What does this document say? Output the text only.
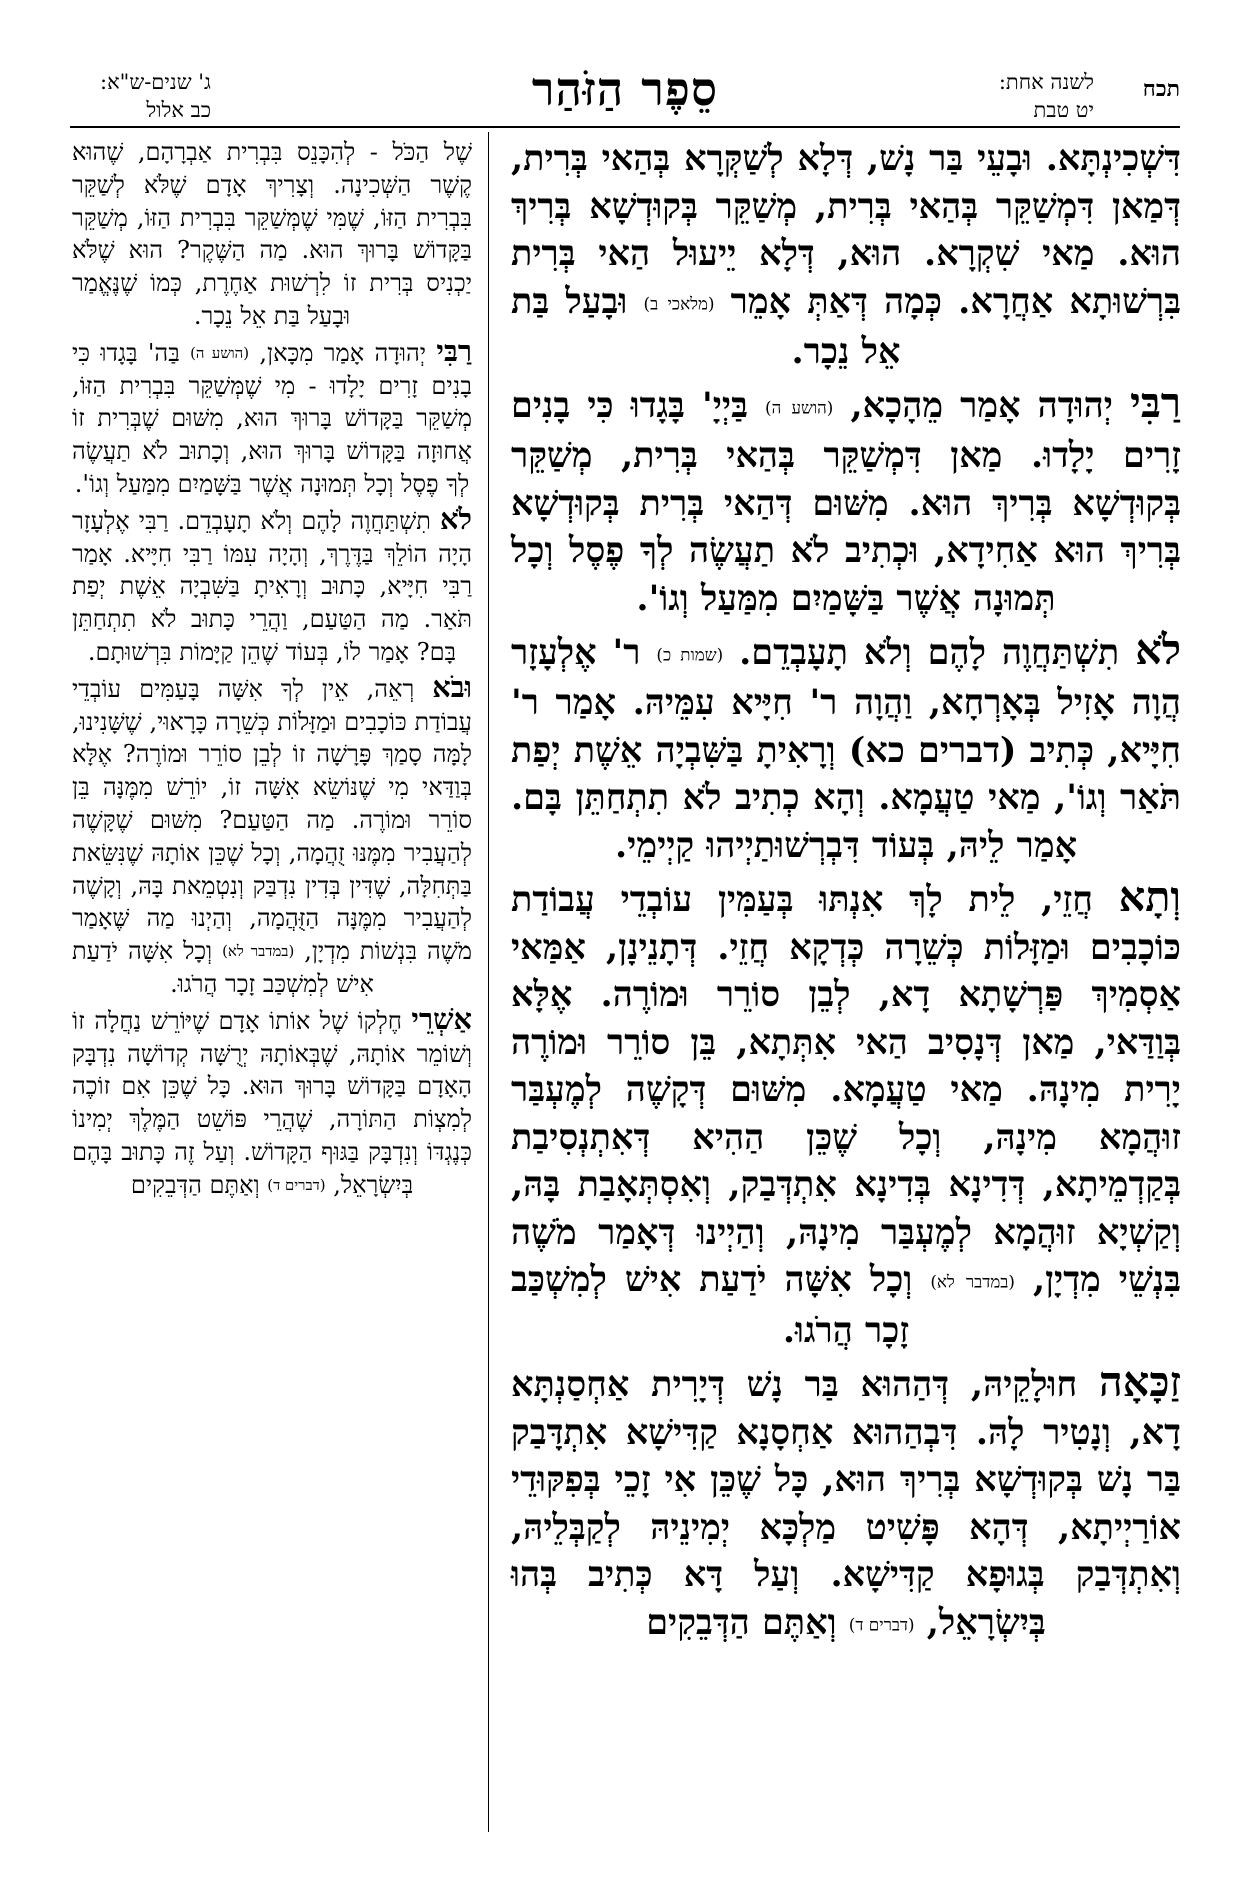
תכח
לשנה אחת:
יט טבת
סֵפֶר הַזֹּהַר
ג' שנים-ש"א:
כב אלול

דִּשְׁכִינְתָּא. וּבָעֵי בַּר נָשׁ, דְּלָא לְשַׁקְּרָא בְּהַאי בְּרִית, דְּמַאן דִּמְשַׁקֵּר בְּהַאי בְּרִית, מְשַׁקֵּר בְּקוּדְשָׁא בְּרִיךְ הוּא. מַאי שִׁקְרָא. הוּא, דְּלָא יֵיעוּל הַאי בְּרִית בִּרְשׁוּתָא אַחֲרָא. כְּמָה דְּאַתְּ אָמֵר (מלאכי ב) וּבָעַל בַּת אֵל נֵכָר.

רַבִּי יְהוּדָה אָמַר מֵהָכָא, (הושע ה) בַּיְיָ' בָּגָדוּ כִּי בָנִים זָרִים יָלָדוּ. מַאן דִּמְשַׁקֵּר בְּהַאי בְּרִית, מְשַׁקֵּר בְּקוּדְשָׁא בְּרִיךְ הוּא. מִשּׁוּם דְּהַאי בְּרִית בְּקוּדְשָׁא בְּרִיךְ הוּא אַחִידָא, וּכְתִיב לֹא תַעֲשֶׂה לְךָ פֶסֶל וְכָל תְּמוּנָה אֲשֶׁר בַּשָּׁמַיִם מִמַּעַל וְגוֹ'.

לֹא תִשְׁתַּחֲוֶה לָהֶם וְלֹא תָעָבְדֵם. (שמות כ) ר' אֶלְעָזָר הֲוָה אָזִיל בְּאָרְחָא, וַהֲוָה ר' חִיָּיא עִמֵּיהּ. אָמַר ר' חִיָּיא, כְּתִיב (דברים כא) וְרָאִיתָ בַּשִּׁבְיָה אֵשֶׁת יְפַת תֹּאַר וְגוֹ', מַאי טַעֲמָא. וְהָא כְתִיב לֹא תִתְחַתֵּן בָּם. אָמַר לֵיהּ, בְּעוֹד דִּבְרְשׁוּתַיְיהוּ קַיְימֵי.

וְתָא חֲזֵי, לֵית לָךְ אִנְתּוּ בְּעַמִּין עוֹבְדֵי עֲבוֹדַת כּוֹכָבִים וּמַזָּלוֹת כְּשֵׁרָה כְּדְקָא חֲזֵי. דְּתָנֵינָן, אַמַּאי אַסְמִיךְ פַּרְשָׁתָא דָא, לְבֵן סוֹרֵר וּמוֹרֶה. אֶלָּא בְּוַדַּאי, מַאן דְּנָסִיב הַאי אִתְּתָא, בֵּן סוֹרֵר וּמוֹרֶה יָרִית מִינָהּ. מַאי טַעֲמָא. מִשּׁוּם דְּקָשֶׁה לְמֶעְבַּר זוּהֲמָא מִינָהּ, וְכָל שֶׁכֵּן הַהִיא דְּאִתְנְסִיבַת בְּקַדְמֵיתָא, דְּדִינָא בְּדִינָא אִתְדְּבַק, וְאִסְתְּאָבַת בָּהּ, וְקַשְׁיָא זוּהֲמָא לְמֶעְבַּר מִינָהּ, וְהַיְינוּ דְּאָמַר מֹשֶׁה בִּנְשֵׁי מִדְיָן, (במדבר לא) וְכָל אִשָּׁה יֹדַעַת אִישׁ לְמִשְׁכַּב זָכָר הֲרֹגוּ.

זַכָּאָה חוּלָקֵיהּ, דְּהַהוּא בַּר נָשׁ דְּיָרִית אַחְסַנְתָּא דָא, וְנָטִיר לָהּ. דִּבְהַהוּא אַחְסָנָא קַדִּישָׁא אִתְדָּבַק בַּר נָשׁ בְּקוּדְשָׁא בְּרִיךְ הוּא, כָּל שֶׁכֵּן אִי זָכֵי בְּפִקּוּדֵי אוֹרַיְיתָא, דְּהָא פָּשִׁיט מַלְכָּא יְמִינֵיהּ לְקַבְּלֵיהּ, וְאִתְדְּבַק בְּגוּפָא קַדִּישָׁא. וְעַל דָּא כְּתִיב בְּהוּ בְּיִשְׂרָאֵל, (דברים ד) וְאַתֶּם הַדְּבֵקִים

שֶׁל הַכֹּל - לְהִכָּנֵס בִּבְרִית אַבְרָהָם, שֶׁהוּא קֶשֶׁר הַשְּׁכִינָה. וְצָרִיךְ אָדָם שֶׁלֹּא לְשַׁקֵּר בִּבְרִית הַזּוֹ, שֶׁמִּי שֶׁמְּשַׁקֵּר בִּבְרִית הַזּוֹ, מְשַׁקֵּר בַּקָּדוֹשׁ בָּרוּךְ הוּא. מַה הַשֶּׁקֶר? הוּא שֶׁלֹּא יַכְנִיס בְּרִית זוֹ לִרְשׁוּת אַחֶרֶת, כְּמוֹ שֶׁנֶּאֱמַר וּבָעַל בַּת אֵל נֵכָר.

רַבִּי יְהוּדָה אָמַר מִכָּאן, (הושע ה) בַּה' בָּגָדוּ כִּי בָנִים זָרִים יָלָדוּ - מִי שֶׁמְּשַׁקֵּר בִּבְרִית הַזּוֹ, מְשַׁקֵּר בַּקָּדוֹשׁ בָּרוּךְ הוּא, מִשּׁוּם שֶׁבְּרִית זוֹ אֲחוּזָה בַּקָּדוֹשׁ בָּרוּךְ הוּא, וְכָתוּב לֹא תַעֲשֶׂה לְךָ פֶסֶל וְכָל תְּמוּנָה אֲשֶׁר בַּשָּׁמַיִם מִמַּעַל וְגוֹ'.

לֹא תִשְׁתַּחֲוֶה לָהֶם וְלֹא תָעָבְדֵם. רַבִּי אֶלְעָזָר הָיָה הוֹלֵךְ בַּדֶּרֶךְ, וְהָיָה עִמּוֹ רַבִּי חִיָּיא. אָמַר רַבִּי חִיָּיא, כָּתוּב וְרָאִיתָ בַּשִּׁבְיָה אֵשֶׁת יְפַת תֹּאַר. מַה הַטַּעַם, וַהֲרֵי כָּתוּב לֹא תִתְחַתֵּן בָּם? אָמַר לוֹ, בְּעוֹד שֶׁהֵן קַיָּמוֹת בִּרְשׁוּתָם.

וּבֹא רְאֵה, אֵין לְךָ אִשָּׁה בָּעַמִּים עוֹבְדֵי עֲבוֹדַת כּוֹכָבִים וּמַזָּלוֹת כְּשֵׁרָה כָּרָאוּי, שֶׁשָּׁנִינוּ, לָמָּה סָמַךְ פָּרָשָׁה זוֹ לְבֵן סוֹרֵר וּמוֹרֶה? אֶלָּא בְּוַדַּאי מִי שֶׁנּוֹשֵׂא אִשָּׁה זוֹ, יוֹרֵשׁ מִמֶּנָּה בֵּן סוֹרֵר וּמוֹרֶה. מַה הַטַּעַם? מִשּׁוּם שֶׁקָּשֶׁה לְהַעֲבִיר מִמֶּנּוּ זֻהֲמָה, וְכָל שֶׁכֵּן אוֹתָהּ שֶׁנִּשֵּׂאת בַּתְּחִלָּה, שֶׁדִּין בְּדִין נִדְבַּק וְנִטְמֵאת בָּהּ, וְקָשֶׁה לְהַעֲבִיר מִמֶּנָּה הַזֻּהֲמָה, וְהַיְנוּ מַה שֶּׁאָמַר מֹשֶׁה בִּנְשׁוֹת מִדְיָן, (במדבר לא) וְכָל אִשָּׁה יֹדַעַת אִישׁ לְמִשְׁכַּב זָכָר הֲרֹגוּ.

אַשְׁרֵי חֶלְקוֹ שֶׁל אוֹתוֹ אָדָם שֶׁיּוֹרֵשׁ נַחֲלָה זוֹ וְשׁוֹמֵר אוֹתָהּ, שֶׁבְּאוֹתָהּ יְרֻשָּׁה קְדוֹשָׁה נִדְבָּק הָאָדָם בַּקָּדוֹשׁ בָּרוּךְ הוּא. כָּל שֶׁכֵּן אִם זוֹכֶה לְמִצְוֹת הַתּוֹרָה, שֶׁהֲרֵי פּוֹשֵׁט הַמֶּלֶךְ יְמִינוֹ כְּנֶגְדּוֹ וְנִדְבָּק בַּגּוּף הַקָּדוֹשׁ. וְעַל זֶה כָּתוּב בָּהֶם בְּיִשְׂרָאֵל, (דברים ד) וְאַתֶּם הַדְּבֵקִים
